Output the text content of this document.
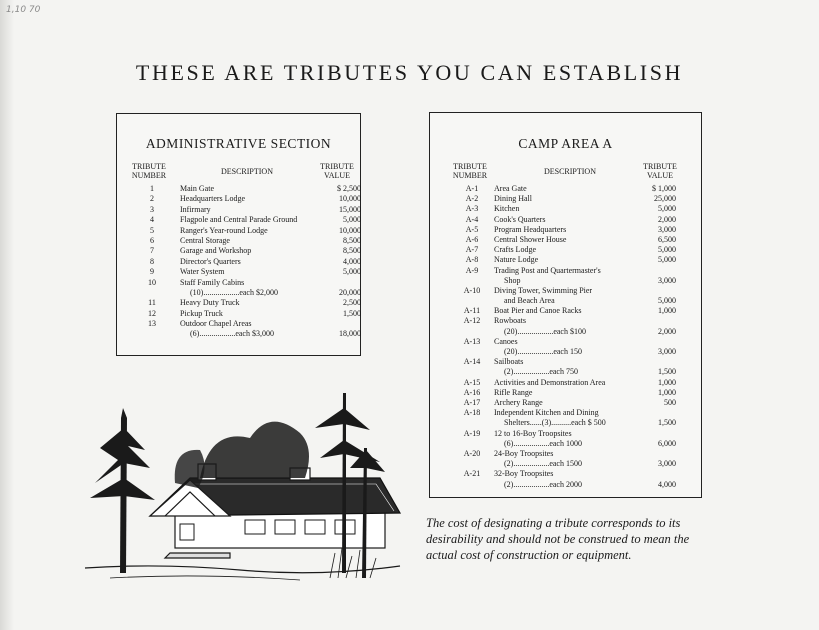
1,10 70
THESE ARE TRIBUTES YOU CAN ESTABLISH
ADMINISTRATIVE SECTION
TRIBUTE NUMBER	DESCRIPTION
TRIBUTE VALUE
1	Main Gate	$ 2,500
2	Headquarters Lodge	10,000
3	Infirmary	15,000
4	Flagpole and Central Parade Ground	5,000
5	Ranger's Year-round Lodge	10,000
6	Central Storage	8,500
7	Garage and Workshop	8,500
8	Director's Quarters	4,000
9	Water System	5,000
10	Staff Family Cabins
(10)..................each $2,000	20,000
11	Heavy Duty Truck	2,500
12	Pickup Truck	1,500
13	Outdoor Chapel Areas
(6)..................each $3,000	18,000
CAMP AREA A
TRIBUTE NUMBER	DESCRIPTION
TRIBUTE VALUE
A-1	Area Gate	$ 1,000
A-2	Dining Hall	25,000
A-3	Kitchen	5,000
A-4	Cook's Quarters	2,000
A-5	Program Headquarters	3,000
A-6	Central Shower House	6,500
A-7	Crafts Lodge	5,000
A-8	Nature Lodge	5,000
A-9	Trading Post and Quartermaster's
Shop	3,000
A-10	Diving Tower, Swimming Pier
and Beach Area	5,000
A-11	Boat Pier and Canoe Racks	1,000
A-12	Rowboats
(20)..................each $100	2,000
A-13	Canoes
(20)..................each 150	3,000
A-14	Sailboats
(2)..................each 750	1,500
A-15	Activities and Demonstration Area	1,000
A-16	Rifle Range	1,000
A-17	Archery Range	500
A-18	Independent Kitchen and Dining
Shelters......(3)..........each $ 500	1,500
A-19	12 to 16-Boy Troopsites
(6)..................each 1000	6,000
A-20	24-Boy Troopsites
(2)..................each 1500	3,000
A-21	32-Boy Troopsites
(2)..................each 2000	4,000
The cost of designating a tribute corresponds to its desirability and should not be construed to mean the actual cost of construction or equipment.
